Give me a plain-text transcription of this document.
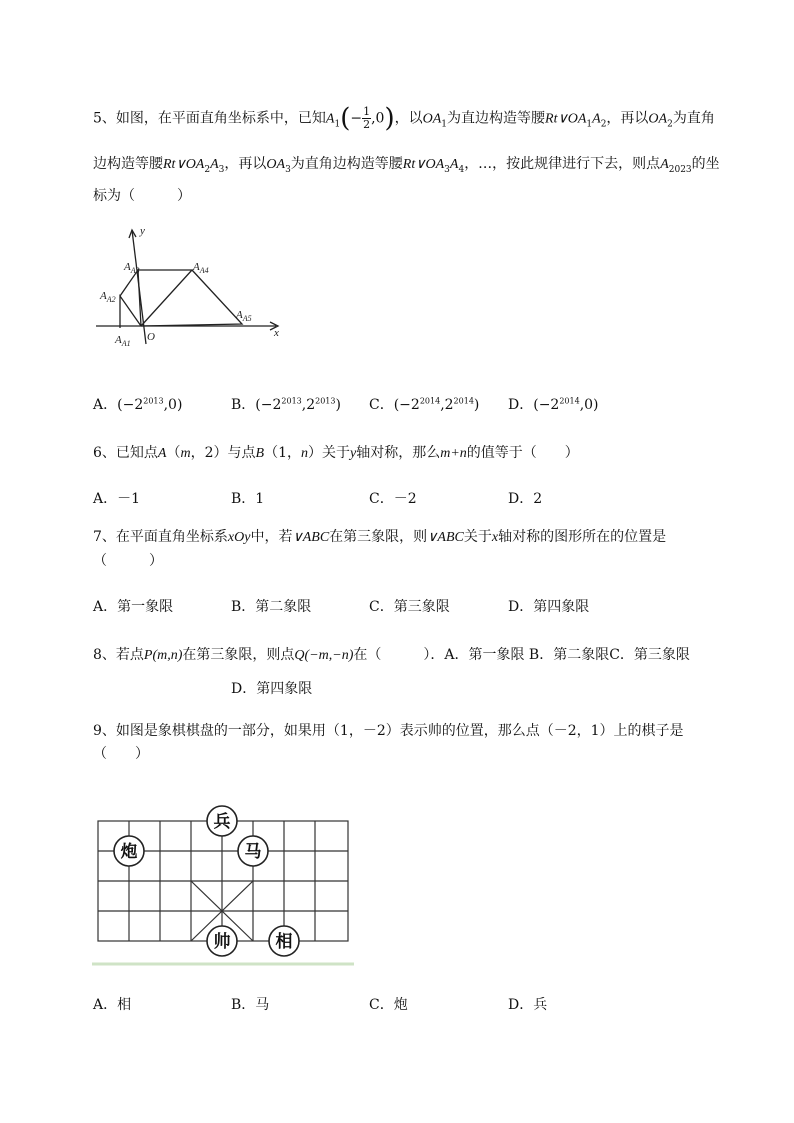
5、如图，在平面直角坐标系中，已知$A_1(- \frac{1}{2} ,0)$，以$OA_1$为直边构造等腰$Rt\vee OA_1A_2$，再以$OA_2$为直角
边构造等腰$Rt\vee OA_2A_3$，再以$OA_3$为直角边构造等腰$Rt\vee OA_3A_4$，…，按此规律进行下去，则点$A_{2023}$的坐
标为（　　　）
y
x
O
$A_{A1}$
$A_{A2}$
$A_{A3}$	$A_{A4}$
$A_{A5}$
A．$(-2^{2013},0)$	B．$(-2^{2013},2^{2013})$ C．$(-2^{2014},2^{2014})$ D．$(-2^{2014},0)$
6、已知点A（m，2）与点B（1，n）关于y轴对称，那么m+n的值等于（　　）
A．－1	B．1	C．－2	D．2
7、在平面直角坐标系xOy中，若∨ABC在第三象限，则∨ABC关于x轴对称的图形所在的位置是
（　　　）
A．第一象限	B．第二象限	C．第三象限	D．第四象限
8、若点P(m,n)在第三象限，则点Q(−m,−n)在（　　　）．A．第一象限 B．第二象限C．第三象限
D．第四象限
9、如图是象棋棋盘的一部分，如果用（1，－2）表示帅的位置，那么点（－2，1）上的棋子是
（　　）
兵
炮	马
帅	相
A．相	B．马	C．炮	D．兵
